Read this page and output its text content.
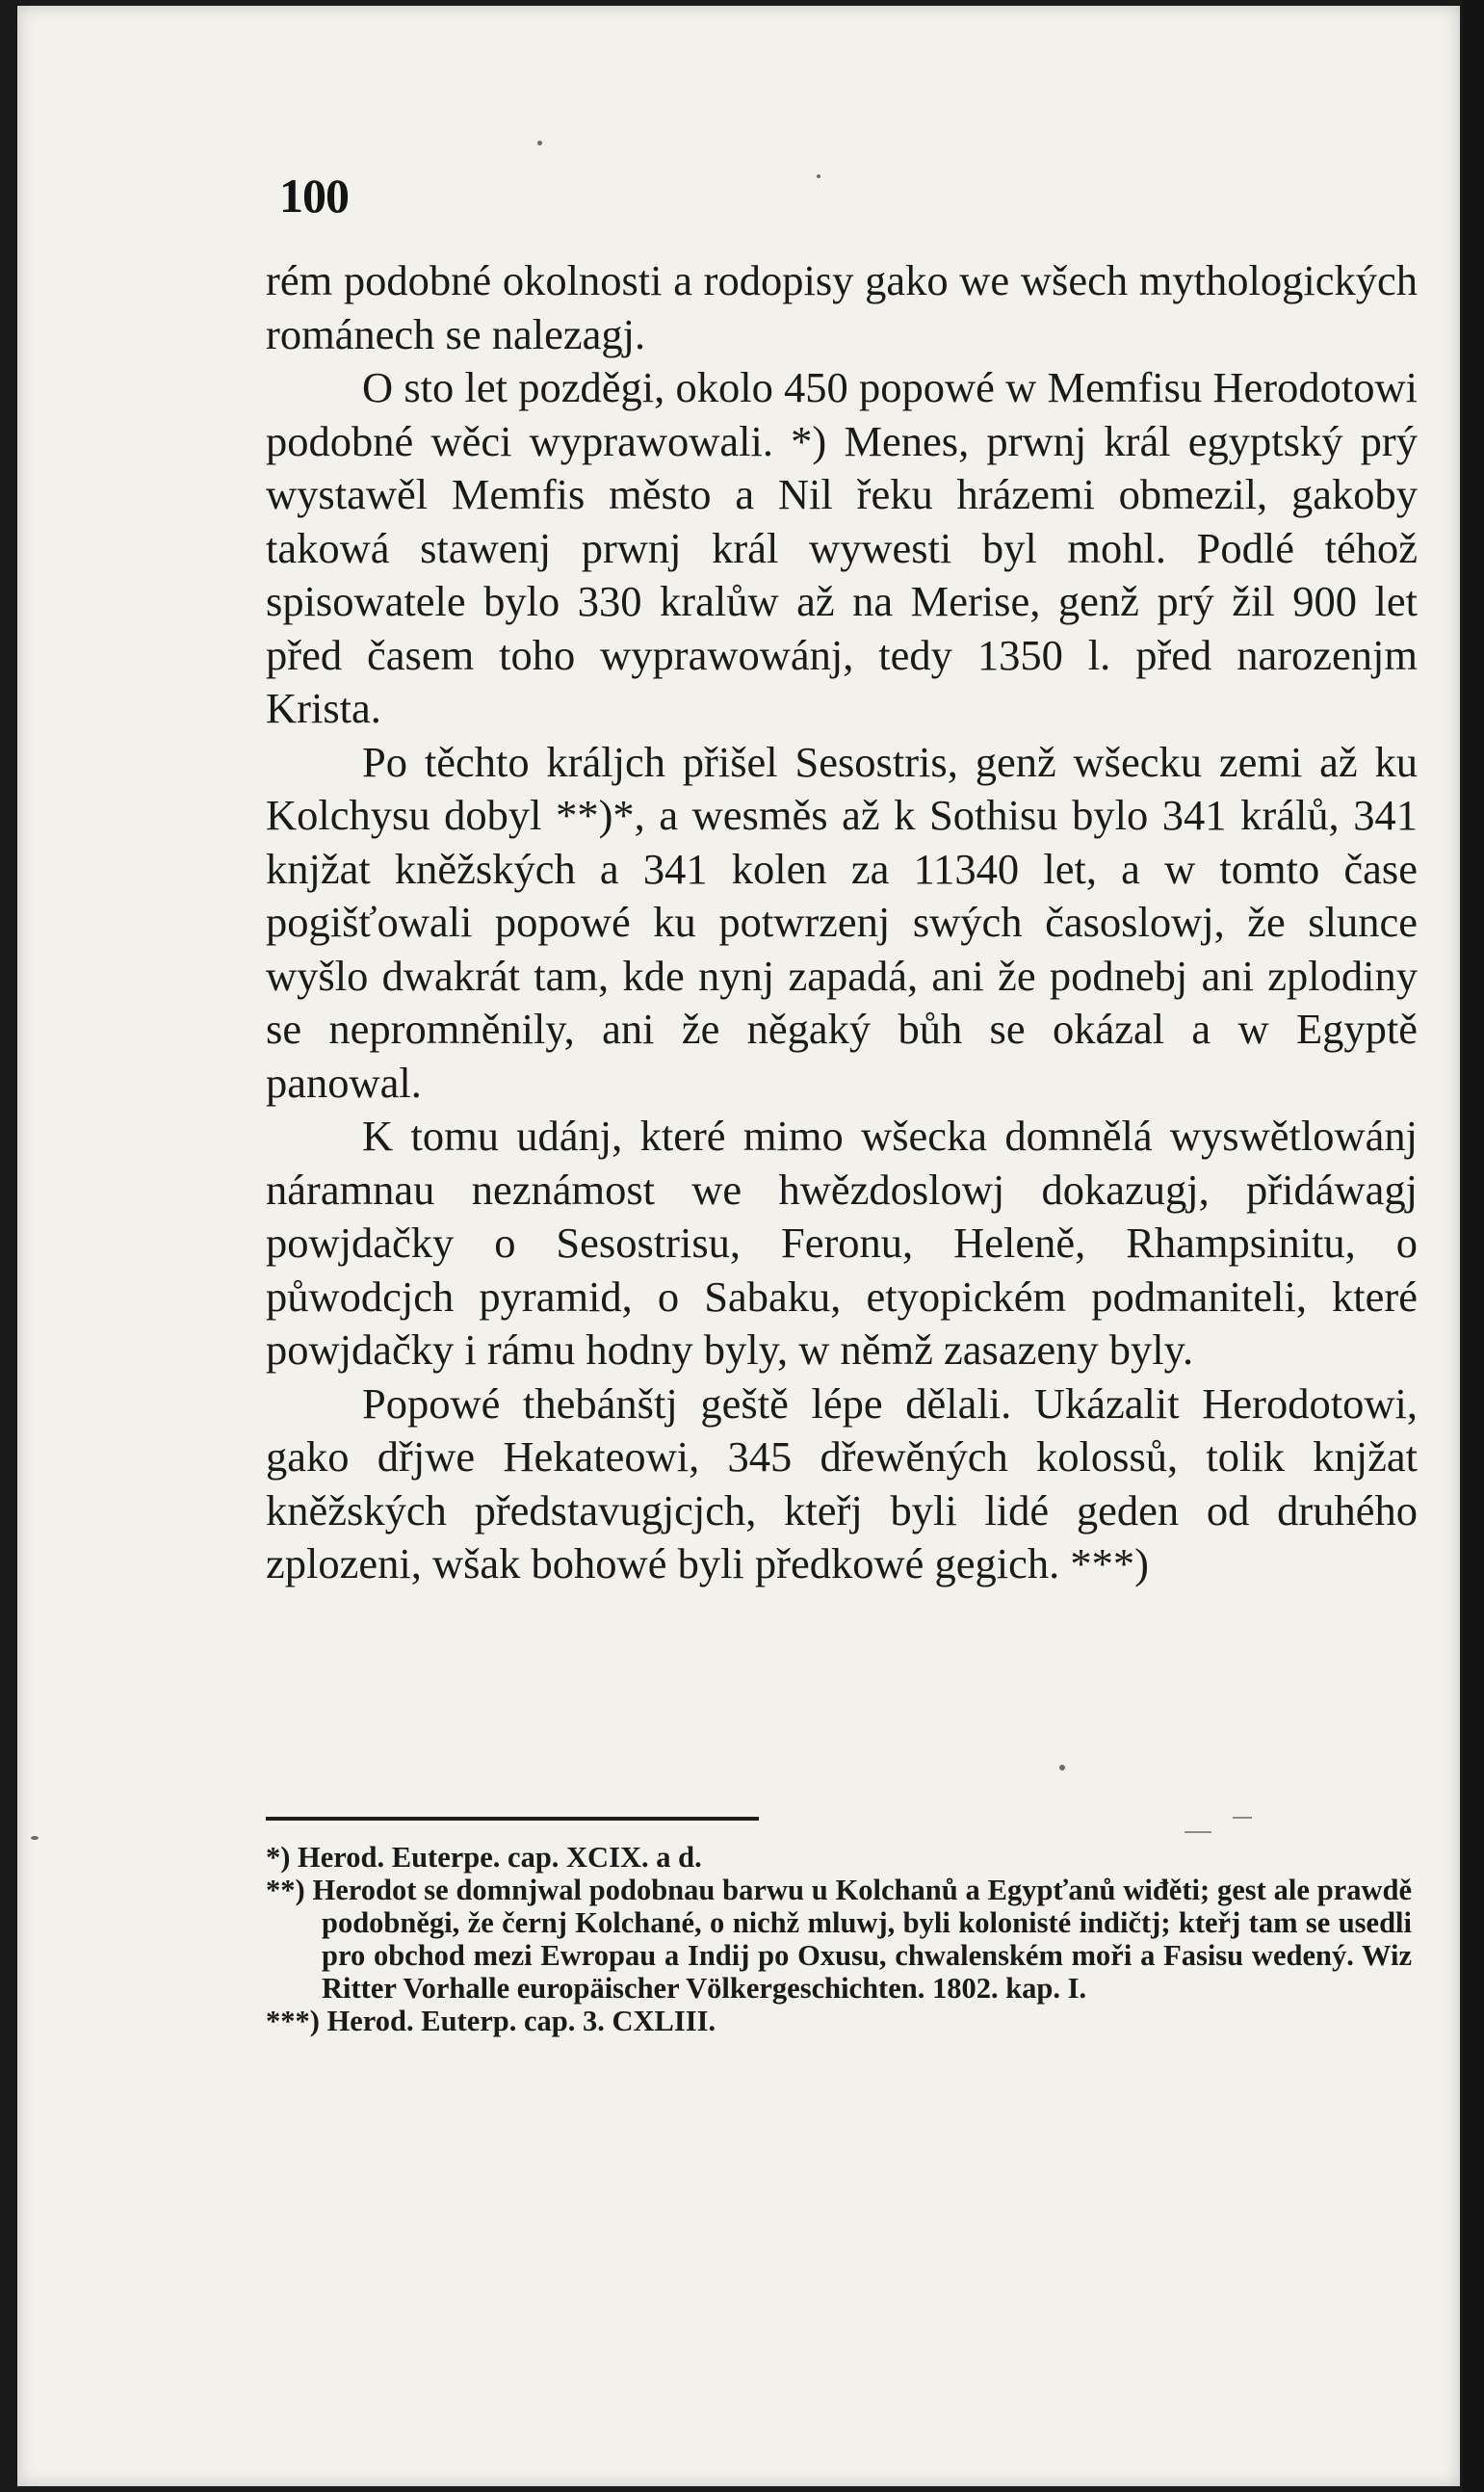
100

rém podobné okolnosti a rodopisy gako we wšech mythologických románech se nalezagj.

O sto let pozděgi, okolo 450 popowé w Memfisu Herodotowi podobné wěci wyprawowali. *) Menes, prwnj král egyptský prý wystawěl Memfis město a Nil řeku hrázemi obmezil, gakoby takowá stawenj prwnj král wywesti byl mohl. Podlé téhož spisowatele bylo 330 kralůw až na Merise, genž prý žil 900 let před časem toho wyprawowánj, tedy 1350 l. před narozenjm Krista.

Po těchto králjch přišel Sesostris, genž wšecku zemi až ku Kolchysu dobyl **)*, a wesměs až k Sothisu bylo 341 králů, 341 knjžat kněžských a 341 kolen za 11340 let, a w tomto čase pogišťowali popowé ku potwrzenj swých časoslowj, že slunce wyšlo dwakrát tam, kde nynj zapadá, ani že podnebj ani zplodiny se nepromněnily, ani že něgaký bůh se okázal a w Egyptě panowal.

K tomu udánj, které mimo wšecka domnělá wyswětlowánj náramnau neznámost we hwězdoslowj dokazugj, přidáwagj powjdačky o Sesostrisu, Feronu, Heleně, Rhampsinitu, o půwodcjch pyramid, o Sabaku, etyopickém podmaniteli, které powjdačky i rámu hodny byly, w němž zasazeny byly.

Popowé thebánštj geště lépe dělali. Ukázalit Herodotowi, gako dřjwe Hekateowi, 345 dřewěných kolossů, tolik knjžat kněžských představugjcjch, kteřj byli lidé geden od druhého zplozeni, wšak bohowé byli předkowé gegich. ***)

*) Herod. Euterpe. cap. XCIX. a d.

**) Herodot se domnjwal podobnau barwu u Kolchanů a Egypťanů wiđěti; gest ale prawdě podobněgi, že černj Kolchané, o nichž mluwj, byli kolonisté indičtj; kteřj tam se usedli pro obchod mezi Ewropau a Indij po Oxusu, chwalenském moři a Fasisu wedený. Wiz Ritter Vorhalle europäischer Völkergeschichten. 1802. kap. I.

***) Herod. Euterp. cap. 3. CXLIII.
